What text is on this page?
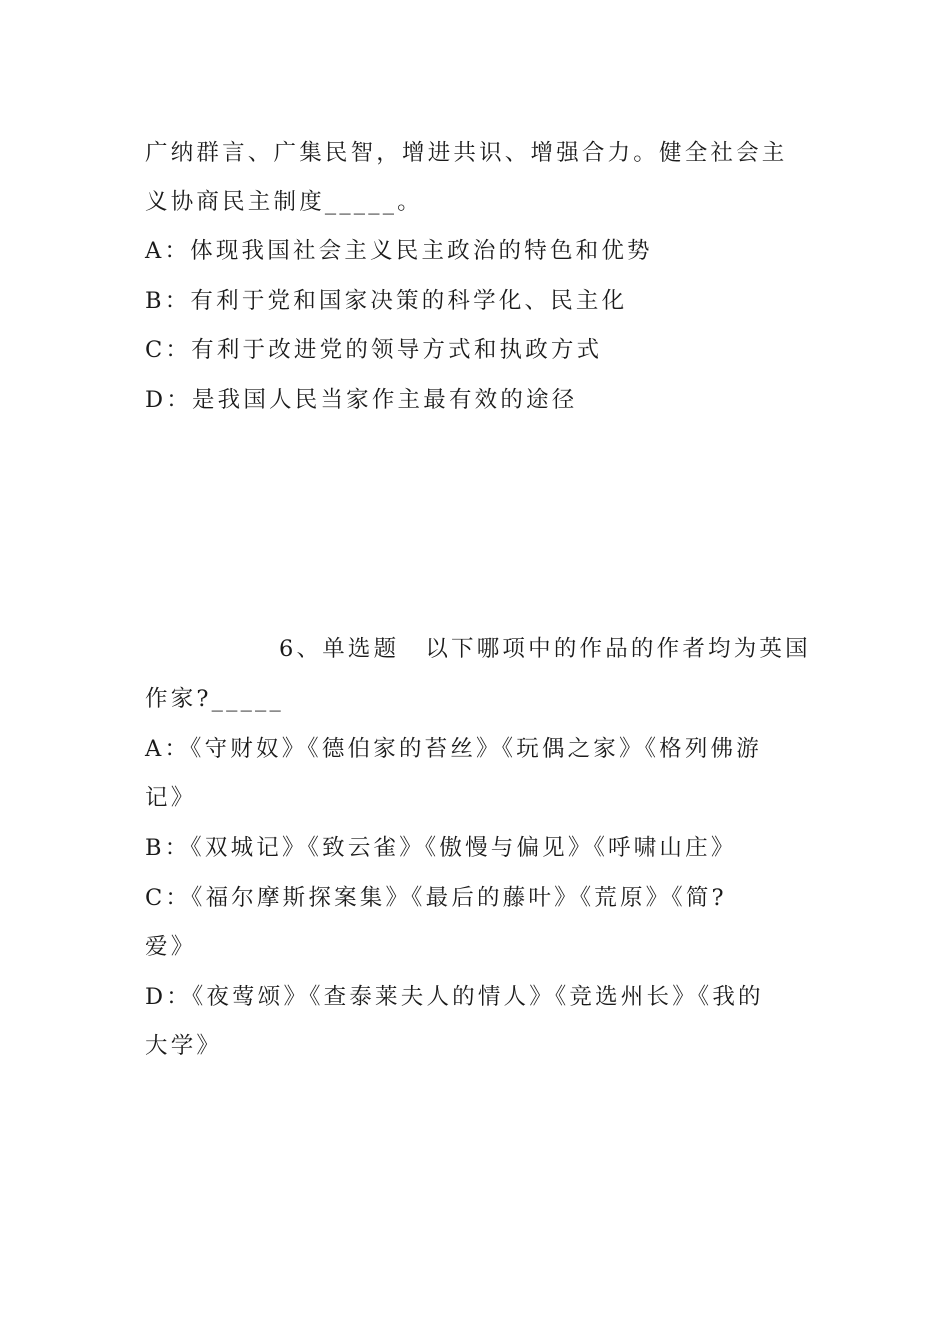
广纳群言、广集民智，增进共识、增强合力。健全社会主
义协商民主制度_____。
A：体现我国社会主义民主政治的特色和优势
B：有利于党和国家决策的科学化、民主化
C：有利于改进党的领导方式和执政方式
D：是我国人民当家作主最有效的途径
6、单选题 以下哪项中的作品的作者均为英国
作家?_____
A：《守财奴》《德伯家的苔丝》《玩偶之家》《格列佛游
记》
B：《双城记》《致云雀》《傲慢与偏见》《呼啸山庄》
C：《福尔摩斯探案集》《最后的藤叶》《荒原》《简?
爱》
D：《夜莺颂》《查泰莱夫人的情人》《竞选州长》《我的
大学》
